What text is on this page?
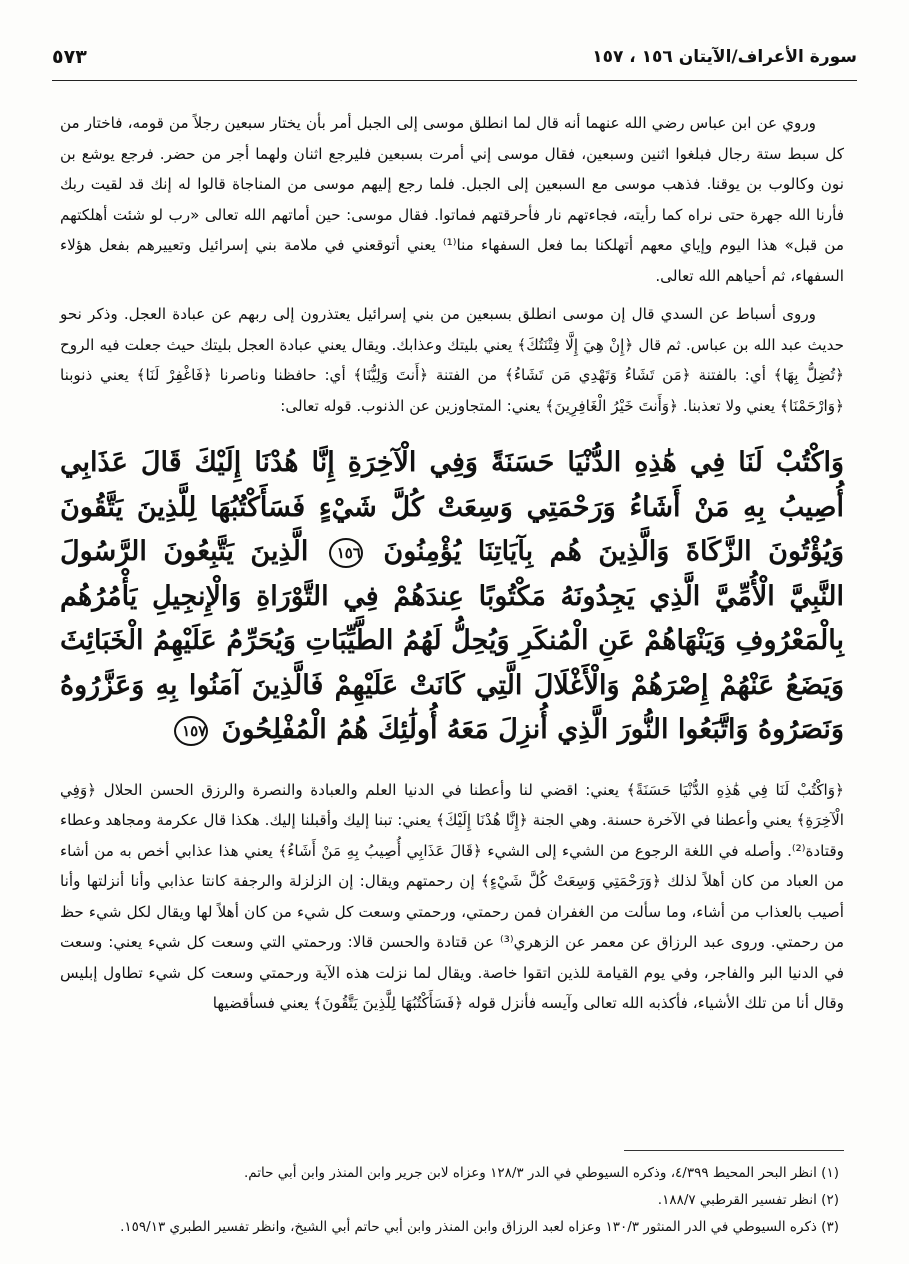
سورة الأعراف/الآيتان ١٥٦ ، ١٥٧
٥٧٣

وروي عن ابن عباس رضي الله عنهما أنه قال لما انطلق موسى إلى الجبل أمر بأن يختار سبعين رجلاً من قومه، فاختار من كل سبط ستة رجال فبلغوا اثنين وسبعين، فقال موسى إني أمرت بسبعين فليرجع اثنان ولهما أجر من حضر. فرجع يوشع بن نون وكالوب بن يوقنا. فذهب موسى مع السبعين إلى الجبل. فلما رجع إليهم موسى من المناجاة قالوا له إنك قد لقيت ربك فأرنا الله جهرة حتى نراه كما رأيته، فجاءتهم نار فأحرقتهم فماتوا. فقال موسى: حين أماتهم الله تعالى «رب لو شئت أهلكتهم من قبل» هذا اليوم وإياي معهم أتهلكنا بما فعل السفهاء منا⁽¹⁾ يعني أتوقعني في ملامة بني إسرائيل وتعييرهم بفعل هؤلاء السفهاء، ثم أحياهم الله تعالى.

وروى أسباط عن السدي قال إن موسى انطلق بسبعين من بني إسرائيل يعتذرون إلى ربهم عن عبادة العجل. وذكر نحو حديث عبد الله بن عباس. ثم قال ﴿إِنْ هِيَ إِلَّا فِتْنَتُكَ﴾ يعني بليتك وعذابك. ويقال يعني عبادة العجل بليتك حيث جعلت فيه الروح ﴿تُضِلُّ بِهَا﴾ أي: بالفتنة ﴿مَن تَشَاءُ وَتَهْدِي مَن تَشَاءُ﴾ من الفتنة ﴿أَنتَ وَلِيُّنَا﴾ أي: حافظنا وناصرنا ﴿فَاغْفِرْ لَنَا﴾ يعني ذنوبنا ﴿وَارْحَمْنَا﴾ يعني ولا تعذبنا. ﴿وَأَنتَ خَيْرُ الْغَافِرِينَ﴾ يعني: المتجاوزين عن الذنوب. قوله تعالى:

وَاكْتُبْ لَنَا فِي هَٰذِهِ الدُّنْيَا حَسَنَةً وَفِي الْآخِرَةِ إِنَّا هُدْنَا إِلَيْكَ قَالَ عَذَابِي أُصِيبُ بِهِ مَنْ أَشَاءُ وَرَحْمَتِي وَسِعَتْ كُلَّ شَيْءٍ فَسَأَكْتُبُهَا لِلَّذِينَ يَتَّقُونَ وَيُؤْتُونَ الزَّكَاةَ وَالَّذِينَ هُم بِآيَاتِنَا يُؤْمِنُونَ ١٥٦ الَّذِينَ يَتَّبِعُونَ الرَّسُولَ النَّبِيَّ الْأُمِّيَّ الَّذِي يَجِدُونَهُ مَكْتُوبًا عِندَهُمْ فِي التَّوْرَاةِ وَالْإِنجِيلِ يَأْمُرُهُم بِالْمَعْرُوفِ وَيَنْهَاهُمْ عَنِ الْمُنكَرِ وَيُحِلُّ لَهُمُ الطَّيِّبَاتِ وَيُحَرِّمُ عَلَيْهِمُ الْخَبَائِثَ وَيَضَعُ عَنْهُمْ إِصْرَهُمْ وَالْأَغْلَالَ الَّتِي كَانَتْ عَلَيْهِمْ فَالَّذِينَ آمَنُوا بِهِ وَعَزَّرُوهُ وَنَصَرُوهُ وَاتَّبَعُوا النُّورَ الَّذِي أُنزِلَ مَعَهُ أُولَٰئِكَ هُمُ الْمُفْلِحُونَ ١٥٧

﴿وَاكْتُبْ لَنَا فِي هَٰذِهِ الدُّنْيَا حَسَنَةً﴾ يعني: اقضي لنا وأعطنا في الدنيا العلم والعبادة والنصرة والرزق الحسن الحلال ﴿وَفِي الْآخِرَةِ﴾ يعني وأعطنا في الآخرة حسنة. وهي الجنة ﴿إِنَّا هُدْنَا إِلَيْكَ﴾ يعني: تبنا إليك وأقبلنا إليك. هكذا قال عكرمة ومجاهد وعطاء وقتادة⁽²⁾. وأصله في اللغة الرجوع من الشيء إلى الشيء ﴿قَالَ عَذَابِي أُصِيبُ بِهِ مَنْ أَشَاءُ﴾ يعني هذا عذابي أخص به من أشاء من العباد من كان أهلاً لذلك ﴿وَرَحْمَتِي وَسِعَتْ كُلَّ شَيْءٍ﴾ إن رحمتهم ويقال: إن الزلزلة والرجفة كانتا عذابي وأنا أنزلتها وأنا أصيب بالعذاب من أشاء، وما سألت من الغفران فمن رحمتي، ورحمتي وسعت كل شيء من كان أهلاً لها ويقال لكل شيء حظ من رحمتي. وروى عبد الرزاق عن معمر عن الزهري⁽³⁾ عن قتادة والحسن قالا: ورحمتي التي وسعت كل شيء يعني: وسعت في الدنيا البر والفاجر، وفي يوم القيامة للذين اتقوا خاصة. ويقال لما نزلت هذه الآية ورحمتي وسعت كل شيء تطاول إبليس وقال أنا من تلك الأشياء، فأكذبه الله تعالى وآيسه فأنزل قوله ﴿فَسَأَكْتُبُهَا لِلَّذِينَ يَتَّقُونَ﴾ يعني فسأقضيها

(١) انظر البحر المحيط ٤/٣٩٩، وذكره السيوطي في الدر ١٢٨/٣ وعزاه لابن جرير وابن المنذر وابن أبي حاتم.
(٢) انظر تفسير القرطبي ١٨٨/٧.
(٣) ذكره السيوطي في الدر المنثور ١٣٠/٣ وعزاه لعبد الرزاق وابن المنذر وابن أبي حاتم أبي الشيخ، وانظر تفسير الطبري ١٥٩/١٣.
